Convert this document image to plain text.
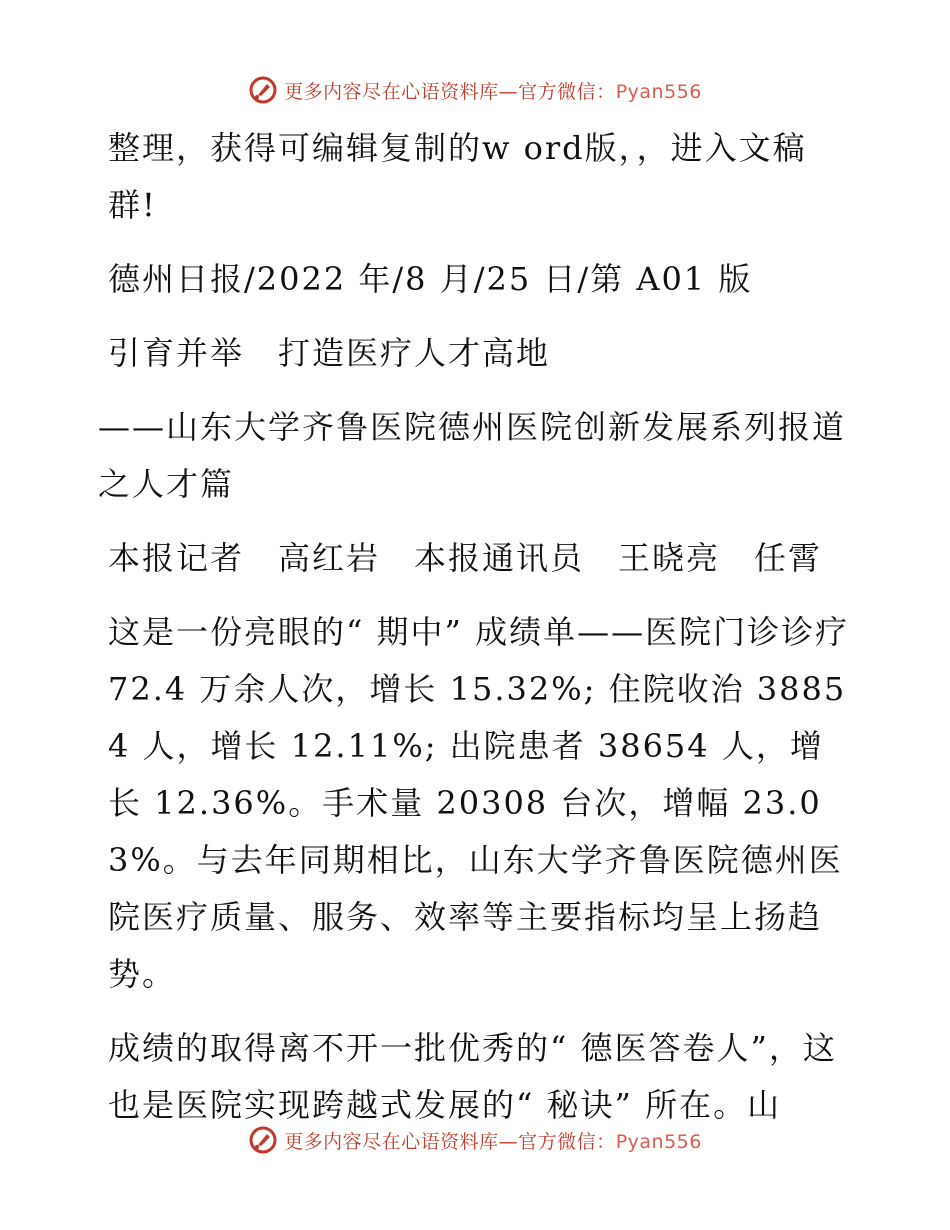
更多内容尽在心语资料库—官方微信：Pyan556

整理，获得可编辑复制的w ord版，，进入文稿群!

德州日报/2022 年/8 月/25 日/第 A01 版

引育并举　打造医疗人才高地

——山东大学齐鲁医院德州医院创新发展系列报道之人才篇

本报记者　高红岩　本报通讯员　王晓亮　任霄

这是一份亮眼的“ 期中” 成绩单——医院门诊诊疗 72.4 万余人次，增长 15.32%; 住院收治 38854 人，增长 12.11%; 出院患者 38654 人，增长 12.36%。手术量 20308 台次，增幅 23.03%。与去年同期相比，山东大学齐鲁医院德州医院医疗质量、服务、效率等主要指标均呈上扬趋势。

成绩的取得离不开一批优秀的“ 德医答卷人”，这也是医院实现跨越式发展的“ 秘诀” 所在。山

更多内容尽在心语资料库—官方微信：Pyan556
